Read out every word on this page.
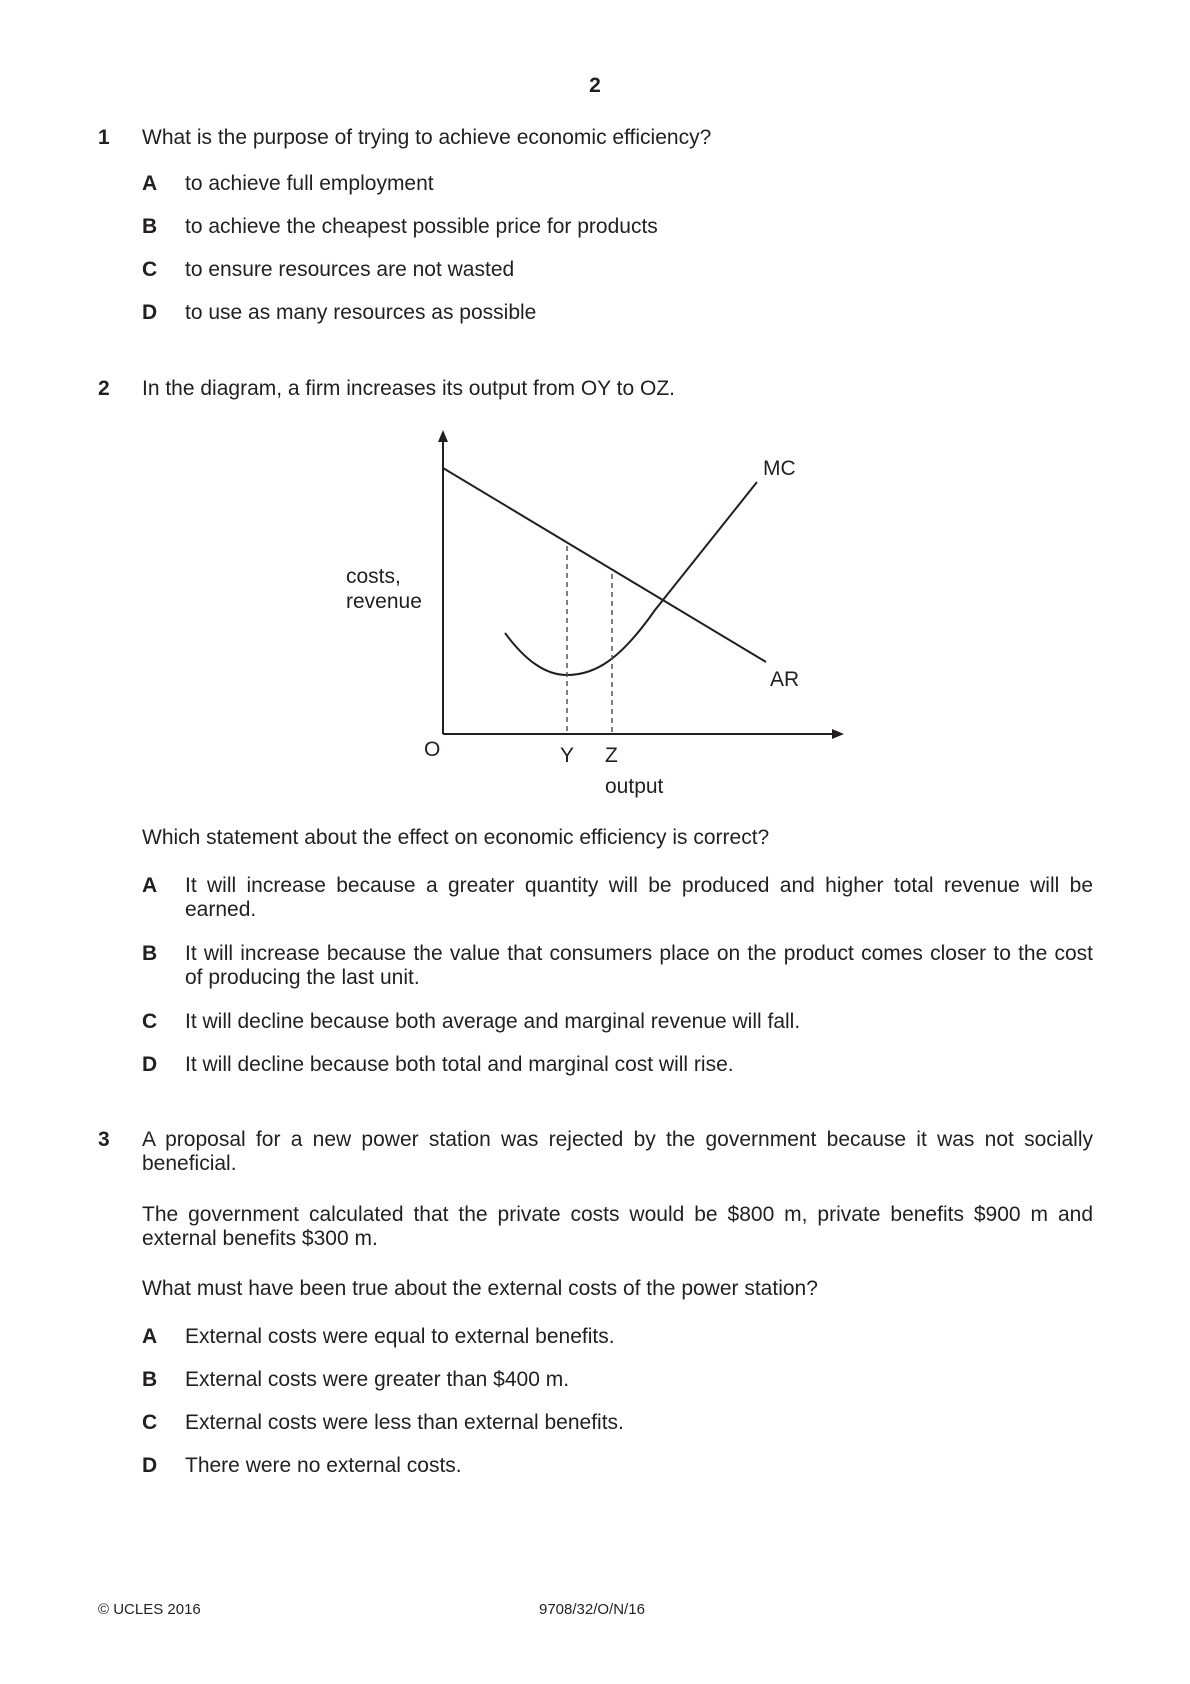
2
1 What is the purpose of trying to achieve economic efficiency?
A to achieve full employment
B to achieve the cheapest possible price for products
C to ensure resources are not wasted
D to use as many resources as possible
2 In the diagram, a firm increases its output from OY to OZ.
MC
AR
costs,
revenue
O	Y Z
output
Which statement about the effect on economic efficiency is correct?
A It will increase because a greater quantity will be produced and higher total revenue will be earned.
B It will increase because the value that consumers place on the product comes closer to the cost of producing the last unit.
C It will decline because both average and marginal revenue will fall.
D It will decline because both total and marginal cost will rise.
3 A proposal for a new power station was rejected by the government because it was not socially beneficial.
The government calculated that the private costs would be $800 m, private benefits $900 m and external benefits $300 m.
What must have been true about the external costs of the power station?
A External costs were equal to external benefits.
B External costs were greater than $400 m.
C External costs were less than external benefits.
D There were no external costs.
© UCLES 2016	9708/32/O/N/16
